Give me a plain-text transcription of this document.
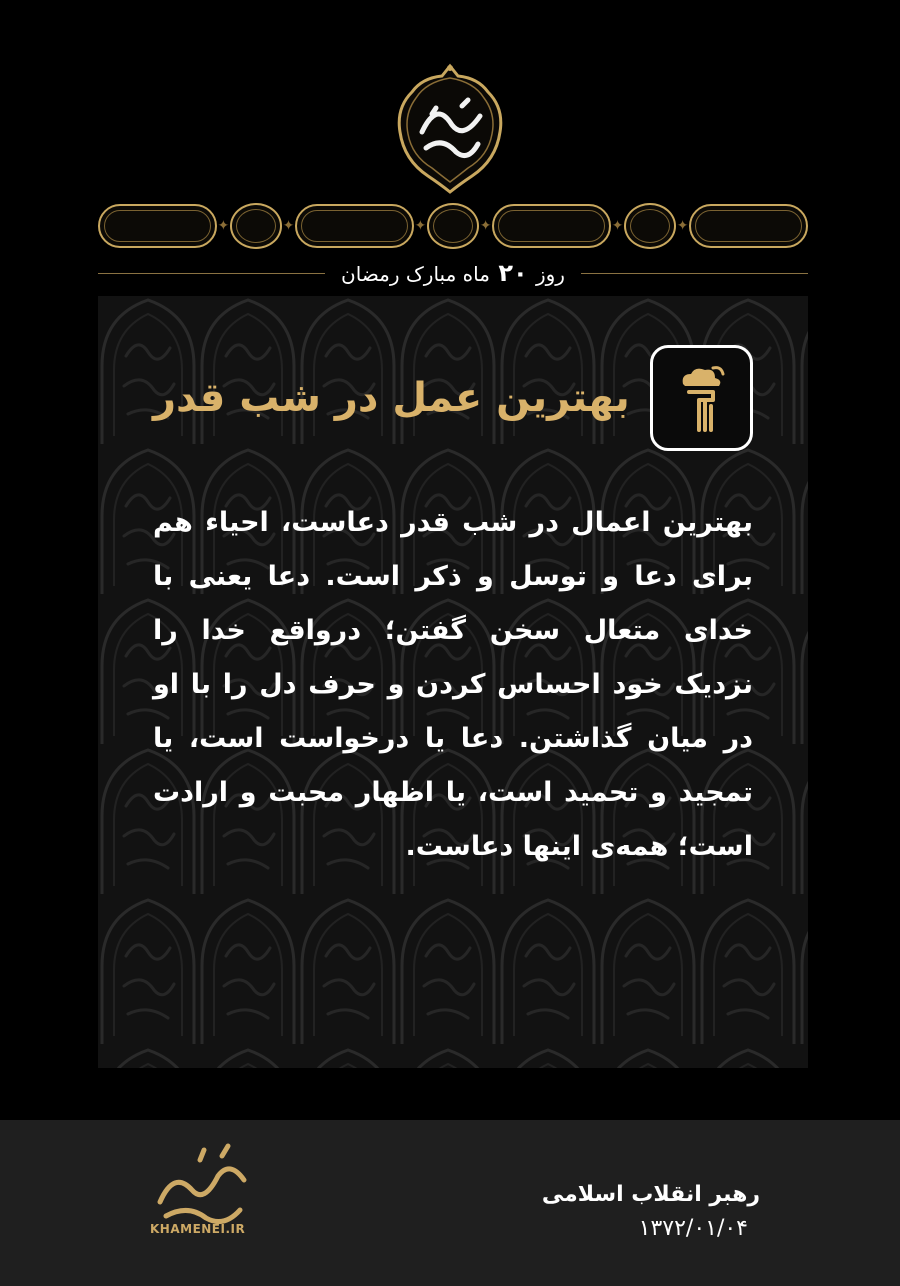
✦	✦	✦	✦	✦	✦
روز ۲۰ ماه مبارک رمضان
بهترین عمل در شب قدر
بهترین اعمال در شب قدر دعاست، احیاء هم برای دعا و توسل و ذکر است. دعا یعنی با خدای متعال سخن گفتن؛ درواقع خدا را نزدیک خود احساس کردن و حرف دل را با او در میان گذاشتن. دعا یا درخواست است، یا تمجید و تحمید است، یا اظهار محبت و ارادت است؛ همه‌ی اینها دعاست.
KHAMENEI.IR
رهبر انقلاب اسلامی
۱۳۷۲/۰۱/۰۴
